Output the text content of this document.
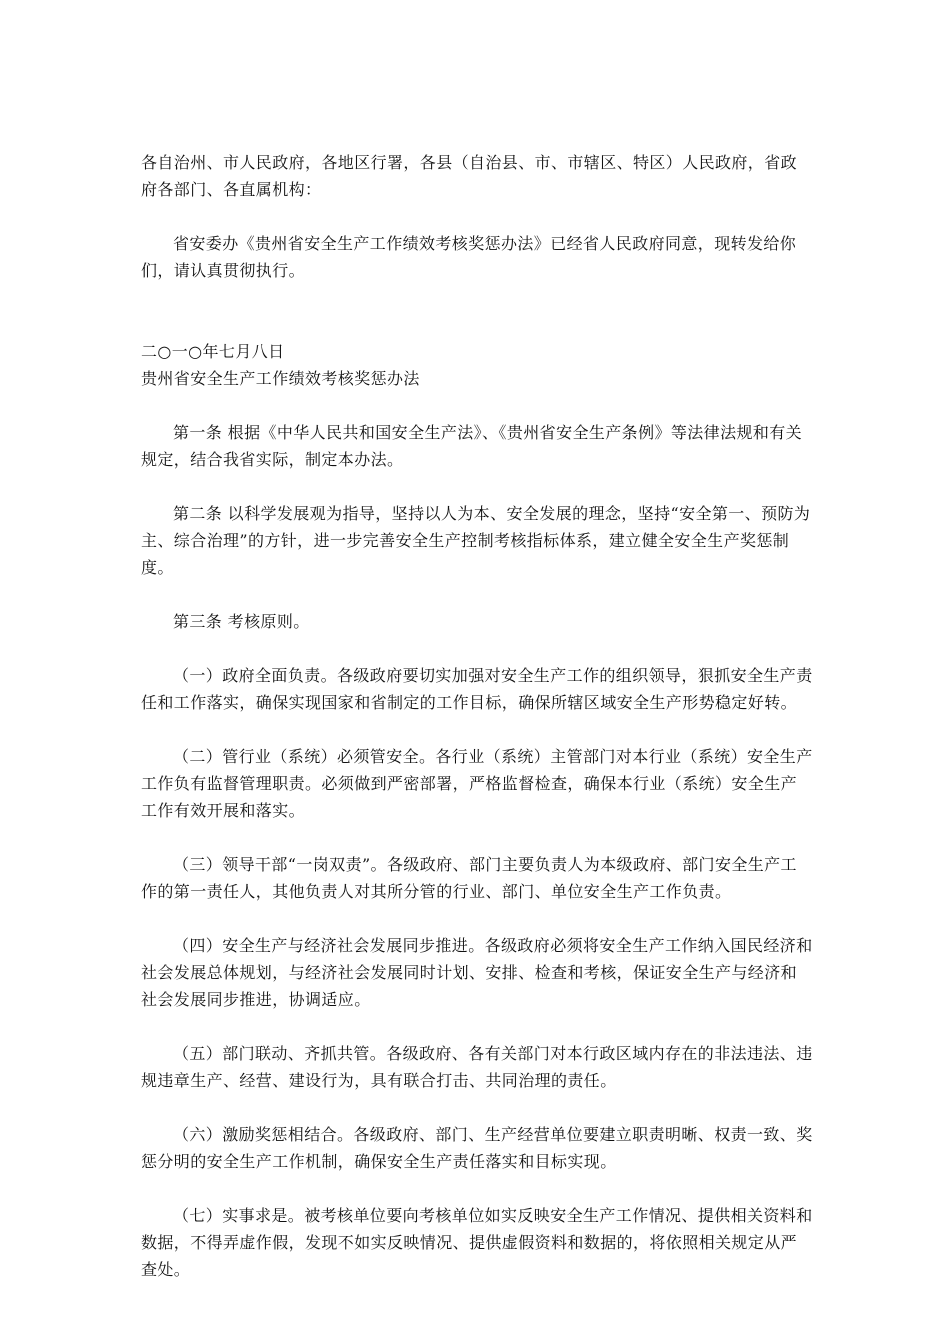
各自治州、市人民政府，各地区行署，各县（自治县、市、市辖区、特区）人民政府，省政府各部门、各直属机构：

省安委办《贵州省安全生产工作绩效考核奖惩办法》已经省人民政府同意，现转发给你们，请认真贯彻执行。

二○一○年七月八日

贵州省安全生产工作绩效考核奖惩办法

第一条 根据《中华人民共和国安全生产法》、《贵州省安全生产条例》等法律法规和有关规定，结合我省实际，制定本办法。

第二条 以科学发展观为指导，坚持以人为本、安全发展的理念，坚持“安全第一、预防为主、综合治理”的方针，进一步完善安全生产控制考核指标体系，建立健全安全生产奖惩制度。

第三条 考核原则。

（一）政府全面负责。各级政府要切实加强对安全生产工作的组织领导，狠抓安全生产责任和工作落实，确保实现国家和省制定的工作目标，确保所辖区域安全生产形势稳定好转。

（二）管行业（系统）必须管安全。各行业（系统）主管部门对本行业（系统）安全生产工作负有监督管理职责。必须做到严密部署，严格监督检查，确保本行业（系统）安全生产工作有效开展和落实。

（三）领导干部“一岗双责”。各级政府、部门主要负责人为本级政府、部门安全生产工作的第一责任人，其他负责人对其所分管的行业、部门、单位安全生产工作负责。

（四）安全生产与经济社会发展同步推进。各级政府必须将安全生产工作纳入国民经济和社会发展总体规划，与经济社会发展同时计划、安排、检查和考核，保证安全生产与经济和社会发展同步推进，协调适应。

（五）部门联动、齐抓共管。各级政府、各有关部门对本行政区域内存在的非法违法、违规违章生产、经营、建设行为，具有联合打击、共同治理的责任。

（六）激励奖惩相结合。各级政府、部门、生产经营单位要建立职责明晰、权责一致、奖惩分明的安全生产工作机制，确保安全生产责任落实和目标实现。

（七）实事求是。被考核单位要向考核单位如实反映安全生产工作情况、提供相关资料和数据，不得弄虚作假，发现不如实反映情况、提供虚假资料和数据的，将依照相关规定从严查处。
